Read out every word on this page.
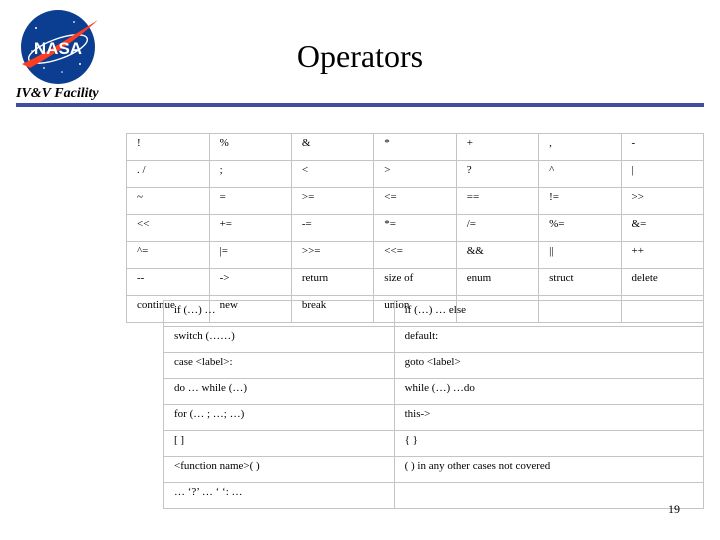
NASA	Operators
IV&V Facility
!	%	&	*	+	,	-
. /	;	<	>	?	^	|
~	=	>=	<=	==	!=	>>
<<	+=	-=	*=	/=	%=	&=
^=	|=	>>=	<<=	&&	||	++
--	->	return	size of	enum	struct	delete
continue	new	break	union			
if (…) …	if (…) … else
switch (……)	default:
case <label>:	goto <label>
do … while (…)	while (…) …do
for (… ; …; …)	this->
[ ]	{ }
<function name>( )	( ) in any other cases not covered
… ‘?’ … ‘ ‘: …	
19
